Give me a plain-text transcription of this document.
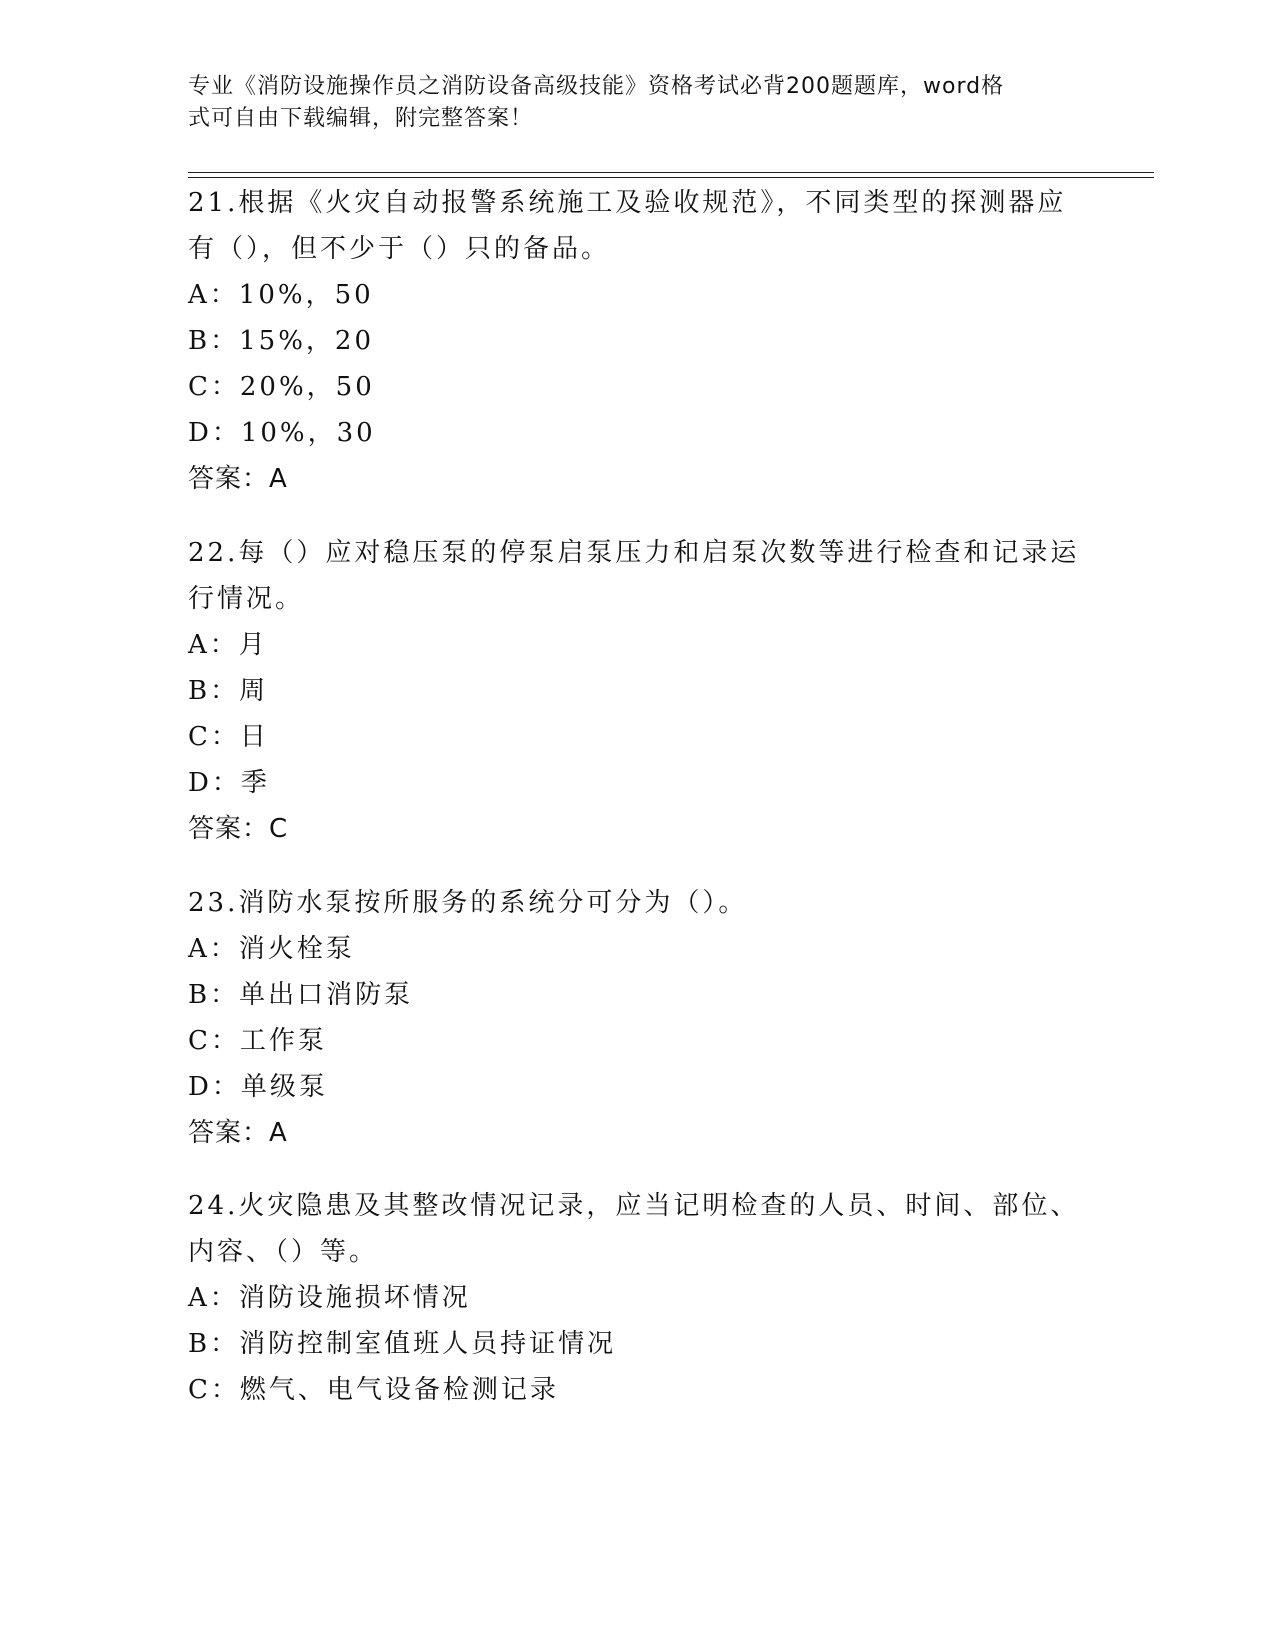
专业《消防设施操作员之消防设备高级技能》资格考试必背200题题库，word格
式可自由下载编辑，附完整答案！
21.根据《火灾自动报警系统施工及验收规范》，不同类型的探测器应
有（），但不少于（）只的备品。
A：10%，50
B：15%，20
C：20%，50
D：10%，30
答案：A
22.每（）应对稳压泵的停泵启泵压力和启泵次数等进行检查和记录运
行情况。
A：月
B：周
C：日
D：季
答案：C
23.消防水泵按所服务的系统分可分为（）。
A：消火栓泵
B：单出口消防泵
C：工作泵
D：单级泵
答案：A
24.火灾隐患及其整改情况记录，应当记明检查的人员、时间、部位、
内容、（）等。
A：消防设施损坏情况
B：消防控制室值班人员持证情况
C：燃气、电气设备检测记录
